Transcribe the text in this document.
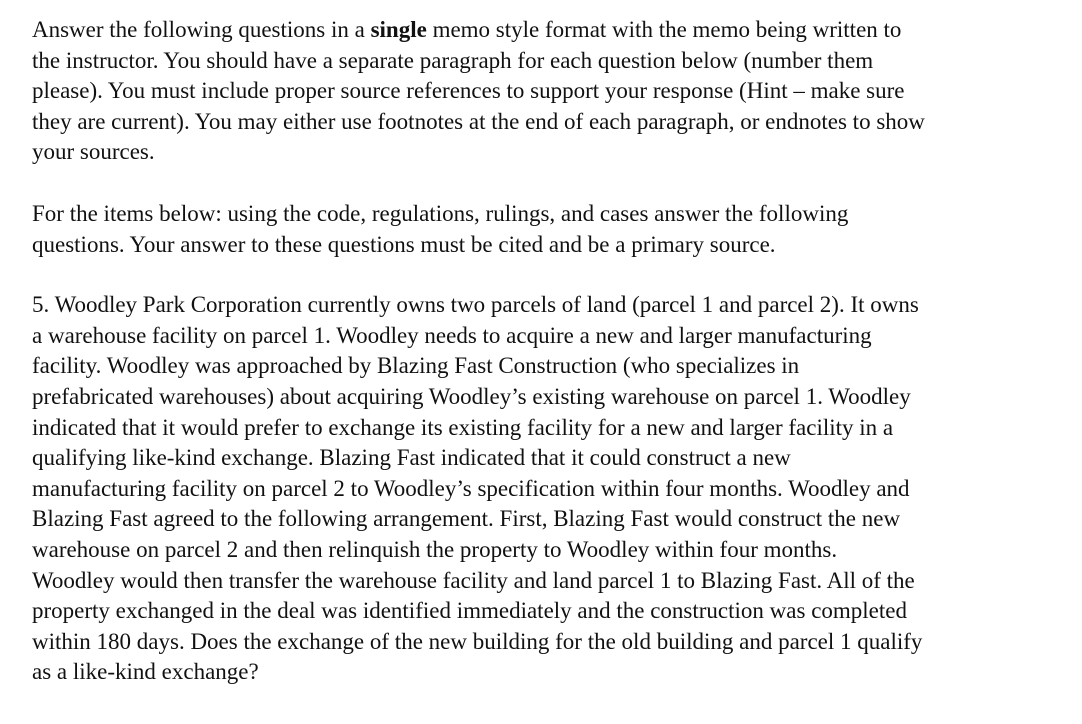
Answer the following questions in a single memo style format with the memo being written to
the instructor. You should have a separate paragraph for each question below (number them
please). You must include proper source references to support your response (Hint – make sure
they are current). You may either use footnotes at the end of each paragraph, or endnotes to show
your sources.
For the items below: using the code, regulations, rulings, and cases answer the following
questions. Your answer to these questions must be cited and be a primary source.
5. Woodley Park Corporation currently owns two parcels of land (parcel 1 and parcel 2). It owns
a warehouse facility on parcel 1. Woodley needs to acquire a new and larger manufacturing
facility. Woodley was approached by Blazing Fast Construction (who specializes in
prefabricated warehouses) about acquiring Woodley’s existing warehouse on parcel 1. Woodley
indicated that it would prefer to exchange its existing facility for a new and larger facility in a
qualifying like-kind exchange. Blazing Fast indicated that it could construct a new
manufacturing facility on parcel 2 to Woodley’s specification within four months. Woodley and
Blazing Fast agreed to the following arrangement. First, Blazing Fast would construct the new
warehouse on parcel 2 and then relinquish the property to Woodley within four months.
Woodley would then transfer the warehouse facility and land parcel 1 to Blazing Fast. All of the
property exchanged in the deal was identified immediately and the construction was completed
within 180 days. Does the exchange of the new building for the old building and parcel 1 qualify
as a like-kind exchange?
